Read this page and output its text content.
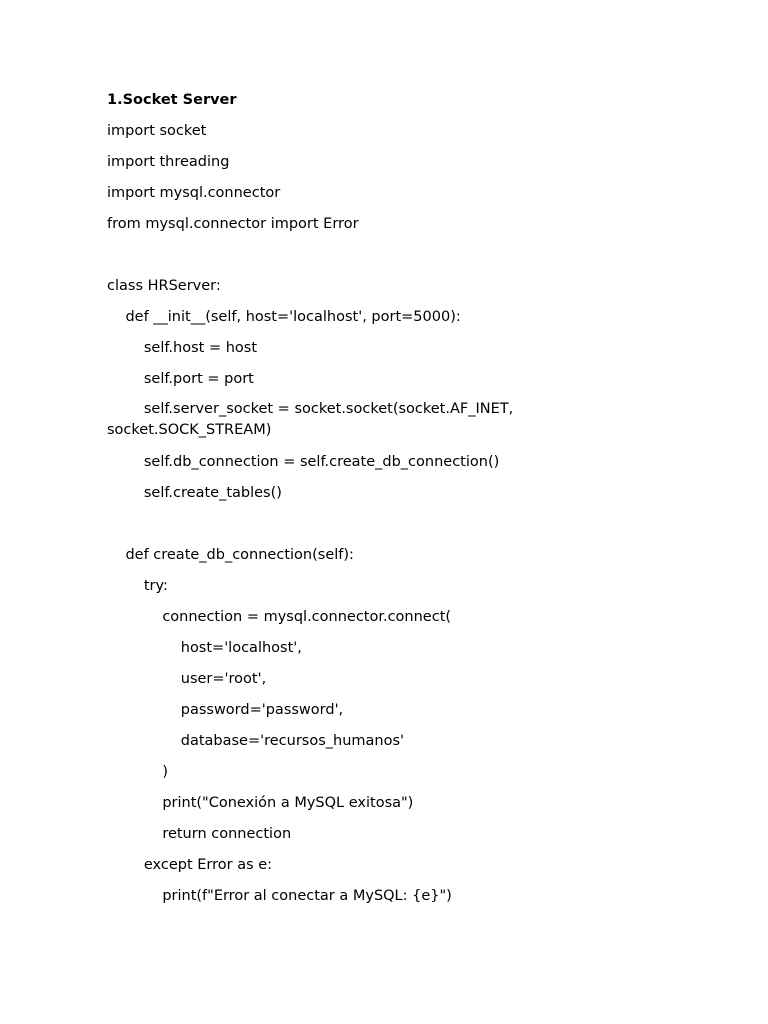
1.Socket Server
import socket
import threading
import mysql.connector
from mysql.connector import Error
class HRServer:
def __init__(self, host='localhost', port=5000):
self.host = host
self.port = port
self.server_socket = socket.socket(socket.AF_INET, socket.SOCK_STREAM)
self.db_connection = self.create_db_connection()
self.create_tables()
def create_db_connection(self):
try:
connection = mysql.connector.connect(
host='localhost',
user='root',
password='password',
database='recursos_humanos'
)
print("Conexión a MySQL exitosa")
return connection
except Error as e:
print(f"Error al conectar a MySQL: {e}")
